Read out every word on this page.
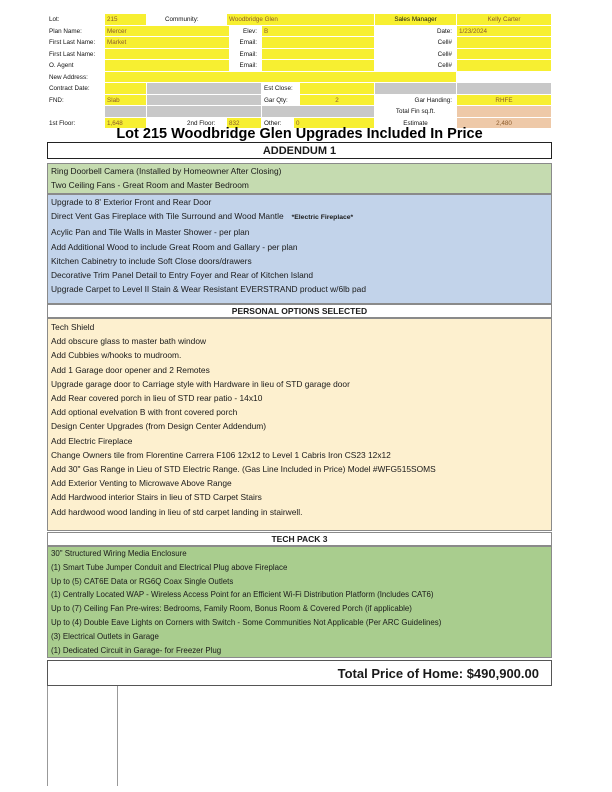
Lot:	215	Community:	Woodbridge Glen	Sales Manager	Kelly Carter
Plan Name:	Mercer	Elev:	B	Date:	1/23/2024
First Last Name:	Market	Email:	Cell#
First Last Name:	Email:	Cell#
O. Agent	Email:	Cell#
New Address:
Contract Date:	Est Close:
FND:	Slab	Gar Qty:	2	Gar Handing:	RHFE
Total Fin sq.ft.
1st Floor:	1,648	2nd Floor:	832	Other:	0	Estimate	2,480
Lot 215 Woodbridge Glen Upgrades Included In Price
ADDENDUM 1
Ring Doorbell Camera (Installed by Homeowner After Closing)
Two Ceiling Fans - Great Room and Master Bedroom
Upgrade to 8' Exterior Front and Rear Door
Direct Vent Gas Fireplace with Tile Surround and Wood Mantle *Electric Fireplace*
Acylic Pan and Tile Walls in Master Shower - per plan
Add Additional Wood to include Great Room and Gallary - per plan
Kitchen Cabinetry to include Soft Close doors/drawers
Decorative Trim Panel Detail to Entry Foyer and Rear of Kitchen Island
Upgrade Carpet to Level II Stain & Wear Resistant EVERSTRAND product w/6lb pad
PERSONAL OPTIONS SELECTED
Tech Shield
Add obscure glass to master bath window
Add Cubbies w/hooks to mudroom.
Add 1 Garage door opener and 2 Remotes
Upgrade garage door to Carriage style with Hardware in lieu of STD garage door
Add Rear covered porch in lieu of STD rear patio - 14x10
Add optional evelvation B with front covered porch
Design Center Upgrades (from Design Center Addendum)
Add Electric Fireplace
Change Owners tile from Florentine Carrera F106 12x12 to Level 1 Cabris Iron CS23 12x12
Add 30" Gas Range in Lieu of STD Electric Range. (Gas Line Included in Price) Model #WFG515SOMS
Add Exterior Venting to Microwave Above Range
Add Hardwood interior Stairs in lieu of STD Carpet Stairs
Add hardwood wood landing in lieu of std carpet landing in stairwell.
TECH PACK 3
30" Structured Wiring Media Enclosure
(1) Smart Tube Jumper Conduit and Electrical Plug above Fireplace
Up to (5) CAT6E Data or RG6Q Coax Single Outlets
(1) Centrally Located WAP - Wireless Access Point for an Efficient Wi-Fi Distribution Platform (Includes CAT6)
Up to (7) Ceiling Fan Pre-wires: Bedrooms, Family Room, Bonus Room & Covered Porch (if applicable)
Up to (4) Double Eave Lights on Corners with Switch - Some Communities Not Applicable (Per ARC Guidelines)
(3) Electrical Outlets in Garage
(1) Dedicated Circuit in Garage- for Freezer Plug
Total Price of Home: $490,900.00
